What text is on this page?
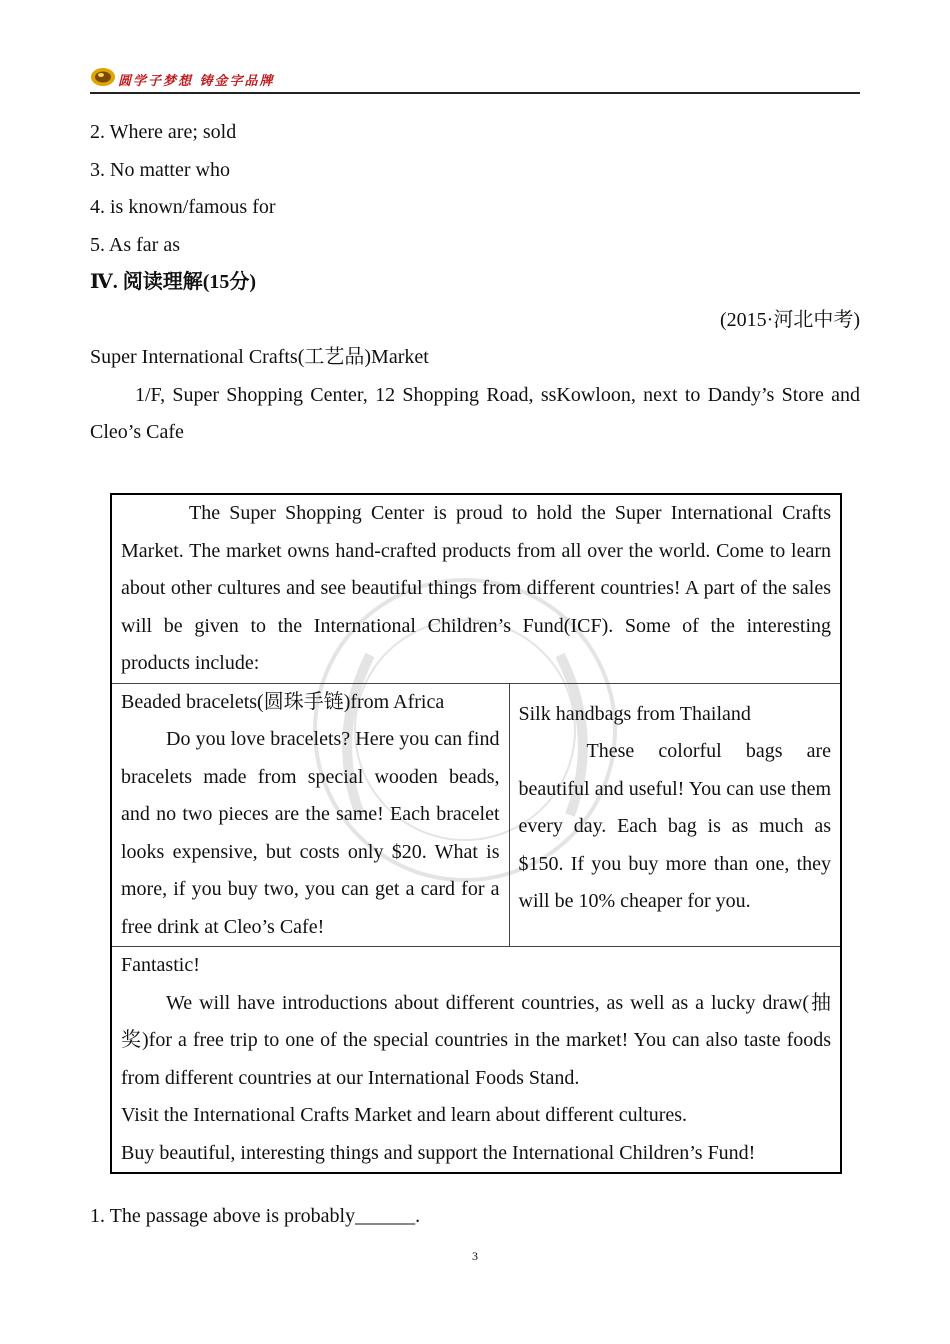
圆学子梦想 铸金字品牌
2. Where are; sold
3. No matter who
4. is known/famous for
5. As far as
Ⅳ. 阅读理解(15分)
(2015·河北中考)
Super International Crafts(工艺品)Market
1/F, Super Shopping Center, 12 Shopping Road, ssKowloon, next to Dandy’s Store and Cleo’s Cafe

The Super Shopping Center is proud to hold the Super International Crafts Market. The market owns hand-crafted products from all over the world. Come to learn about other cultures and see beautiful things from different countries! A part of the sales will be given to the International Children’s Fund(ICF). Some of the interesting products include:

Beaded bracelets(圆珠手链)from Africa

Do you love bracelets? Here you can find bracelets made from special wooden beads, and no two pieces are the same! Each bracelet looks expensive, but costs only $20. What is more, if you buy two, you can get a card for a free drink at Cleo’s Cafe!

Silk handbags from Thailand

These colorful bags are beautiful and useful! You can use them every day. Each bag is as much as $150. If you buy more than one, they will be 10% cheaper for you.

Fantastic!

We will have introductions about different countries, as well as a lucky draw(抽奖)for a free trip to one of the special countries in the market! You can also taste foods from different countries at our International Foods Stand.

Visit the International Crafts Market and learn about different cultures.

Buy beautiful, interesting things and support the International Children’s Fund!

1. The passage above is probably______.
3
